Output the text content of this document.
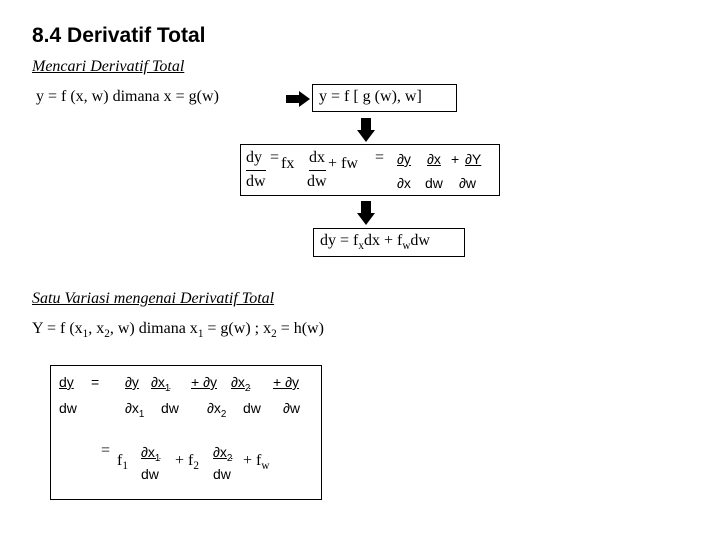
8.4 Derivatif Total
Mencari Derivatif Total
y = f (x, w) dimana x = g(w)	y = f [ g (w), w]
dy = fx dx + fw = ∂y ∂x + ∂Y
dw	dw	∂x dw ∂w
dy = $f_xdx + f_wdw$
Satu Variasi mengenai Derivatif Total
Y = f ($x_1$, $x_2$, w) dimana $x_1 = g(w)$ ; $x_2 = h(w)$
dy = ∂y $\partial x_1 + \partial y$ $\partial x_2 + \partial y$
dw	$\partial x_1$ dw $\partial x_2$ dw ∂w
=
$f_1$
$\partial x_1 + f_2$
$\partial x_2 + f_w$
dw	dw
